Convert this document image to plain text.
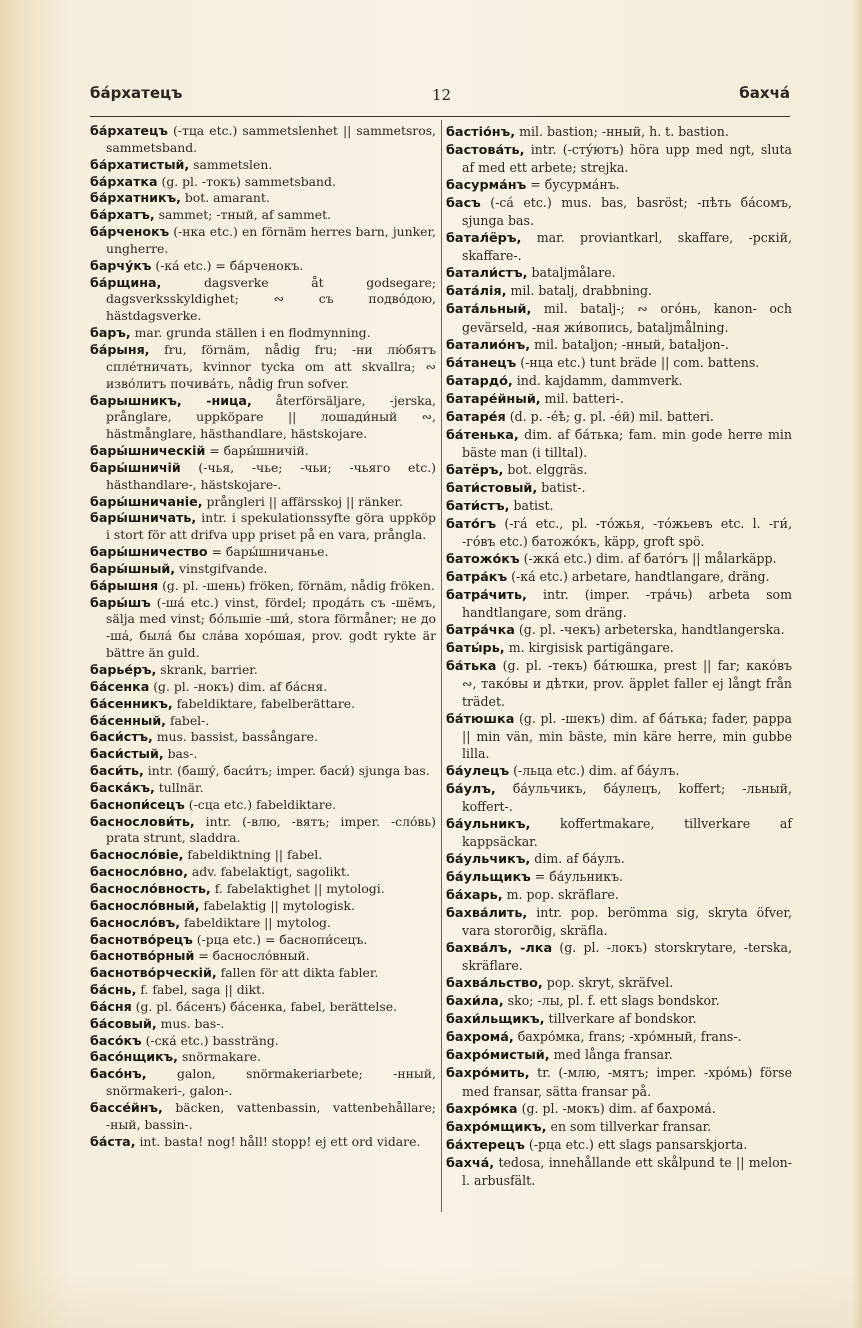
ба́рхатецъ	12	бахча́

ба́рхатецъ (-тца etc.) sammetslenhet || sammetsros, sammetsband.

ба́рхатистый, sammetslen.

ба́рхатка (g. pl. -токъ) sammetsband.

ба́рхатникъ, bot. amarant.

ба́рхатъ, sammet; -тный, af sammet.

ба́рченокъ (-нка etc.) en förnäm herres barn, junker, ungherre.

барчу́къ (-ка́ etc.) = ба́рченокъ.

ба́рщина,	dagsverke åt godsegare; dagsverksskyldighet; ∾ съ подво́дою, hästdagsverke.

баръ, mar. grunda ställen i en flodmynning.

ба́рыня, fru, förnäm, nådig fru; -ни лю́бятъ спле́тничать, kvinnor tycka om att skvallra; ∾ изво́литъ почива́ть, nådig frun sofver.

барышникъ, -ница, återförsäljare, -jerska, prånglare, uppköpare || лошади́ный ∾, hästmånglare, hästhandlare, hästskojare.

бары́шническій = бары́шничій.

бары́шничій (-чья, -чье; -чьи; -чьяго etc.) hästhandlare-, hästskojare-.

бары́шничаніе, prångleri || affärsskoj || ränker.

бары́шничать, intr. i spekulationssyfte göra uppköp i stort för att drifva upp priset på en vara, prångla.

бары́шничество = бары́шничанье.

бары́шный, vinstgifvande.

ба́рышня (g. pl. -шень) fröken, förnäm, nådig fröken.

бары́шъ (-ша́ etc.) vinst, fördel; прода́ть съ -шёмъ, sälja med vinst; бо́льшіе -ши́, stora förmåner; не до -ша́, была́ бы сла́ва хоро́шая, prov. godt rykte är bättre än guld.

барье́ръ, skrank, barrier.

ба́сенка (g. pl. -нокъ) dim. af ба́сня.

ба́сенникъ, fabeldiktare, fabelberättare.

ба́сенный, fabel-.

баси́стъ, mus. bassist, bassångare.

баси́стый, bas-.

баси́ть, intr. (башу́, баси́тъ; imper. баси́) sjunga bas.

баска́къ, tullnär.

баснопи́сецъ (-сца etc.) fabeldiktare.

баснослови́ть, intr. (-влю, -вятъ; imper. -сло́вь) prata strunt, sladdra.

баснослóвіе, fabeldiktning || fabel.

басносло́вно, adv. fabelaktigt, sagolikt.

басносло́вность, f. fabelaktighet || mytologi.

басносло́вный, fabelaktig || mytologisk.

басносло́въ, fabeldiktare || mytolog.

баснотво́рецъ (-рца etc.) = баснопи́сецъ.

баснотво́рный = басносло́вный.

баснотво́рческій, fallen för att dikta fabler.

ба́снь, f. fabel, saga || dikt.

ба́сня (g. pl. ба́сенъ) ба́сенка, fabel, berättelse.

ба́совый, mus. bas-.

басо́къ (-ска́ etc.) bassträng.

басо́нщикъ, snörmakare.

басо́нъ, galon, snörmakeriarbete; -нный, snörmakeri-, galon-.

бассе́йнъ, bäcken, vattenbassin, vattenbehållare; -ный, bassin-.

ба́ста, int. basta! nog! håll! stopp! ej ett ord vidare.

бастіо́нъ, mil. bastion; -нный, h. t. bastion.

бастова́ть, intr. (-сту́ютъ) höra upp med ngt, sluta af med ett arbete; strejka.

басурма́нъ = бусурма́нъ.

басъ (-са́ etc.) mus. bas, basröst; -пѣть ба́сомъ, sjunga bas.

батал́ёръ, mar. proviantkarl, skaffare, -рскій, skaffare-.

батали́стъ, bataljmålare.

бата́лія, mil. batalj, drabbning.

бата́льный, mil. batalj-; ∾ ого́нь, kanon- och gevärseld, -ная жи́вопись, bataljmålning.

баталио́нъ, mil. bataljon; -нный, bataljon-.

ба́танецъ (-нца etc.) tunt bräde || com. battens.

батардо́, ind. kajdamm, dammverk.

батаре́йный, mil. batteri-.

батаре́я (d. p. -е́ѣ; g. pl. -е́й) mil. batteri.

ба́тенька, dim. af ба́тька; fam. min gode herre min bäste man (i tilltal).

батёръ, bot. elggräs.

бати́стовый, batist-.

бати́стъ, batist.

бато́гъ (-га́ etc., pl. -то́жья, -то́жьевъ etc. l. -ги́, -го́въ etc.) батожо́къ, käpp, groft spö.

батожо́къ (-жка́ etc.) dim. af бато́гъ || målarkäpp.

батра́къ (-ка́ etc.) arbetare, handtlangare, dräng.

батра́чить, intr. (imper. -тра́чь) arbeta som handtlangare, som dräng.

батра́чка (g. pl. -чекъ) arbeterska, handtlangerska.

баты́рь, m. kirgisisk partigängare.

ба́тька (g. pl. -текъ) ба́тюшка, prest || far; како́въ ∾, тако́вы и дѣтки, prov. äpplet faller ej långt från trädet.

ба́тюшка (g. pl. -шекъ) dim. af ба́тька; fader, pappa || min vän, min bäste, min käre herre, min gubbe lilla.

ба́улецъ (-льца etc.) dim. af ба́улъ.

ба́улъ, ба́ульчикъ, ба́улецъ, koffert; -льный, koffert-.

ба́ульникъ, koffertmakare, tillverkare af kappsäckar.

ба́ульчикъ, dim. af ба́улъ.

ба́ульщикъ = ба́ульникъ.

ба́харь, m. pop. skräflare.

бахва́лить, intr. pop. berömma sig, skryta öfver, vara stororðig, skräfla.

бахва́лъ, -лка (g. pl. -локъ) storskrytare, -terska, skräflare.

бахва́льство, pop. skryt, skräfvel.

бахи́ла, sko; -лы, pl. f. ett slags bondskor.

бахи́льщикъ, tillverkare af bondskor.

бахрома́, бахро́мка, frans; -хро́мный, frans-.

бахро́мистый, med långa fransar.

бахро́мить, tr. (-млю, -мятъ; imper. -хро́мь) förse med fransar, sätta fransar på.

бахро́мка (g. pl. -мокъ) dim. af бахрома́.

бахро́мщикъ, en som tillverkar fransar.

ба́хтерецъ (-рца etc.) ett slags pansarskjorta.

бахча́, tedosa, innehållande ett skålpund te || melon- l. arbusfält.
